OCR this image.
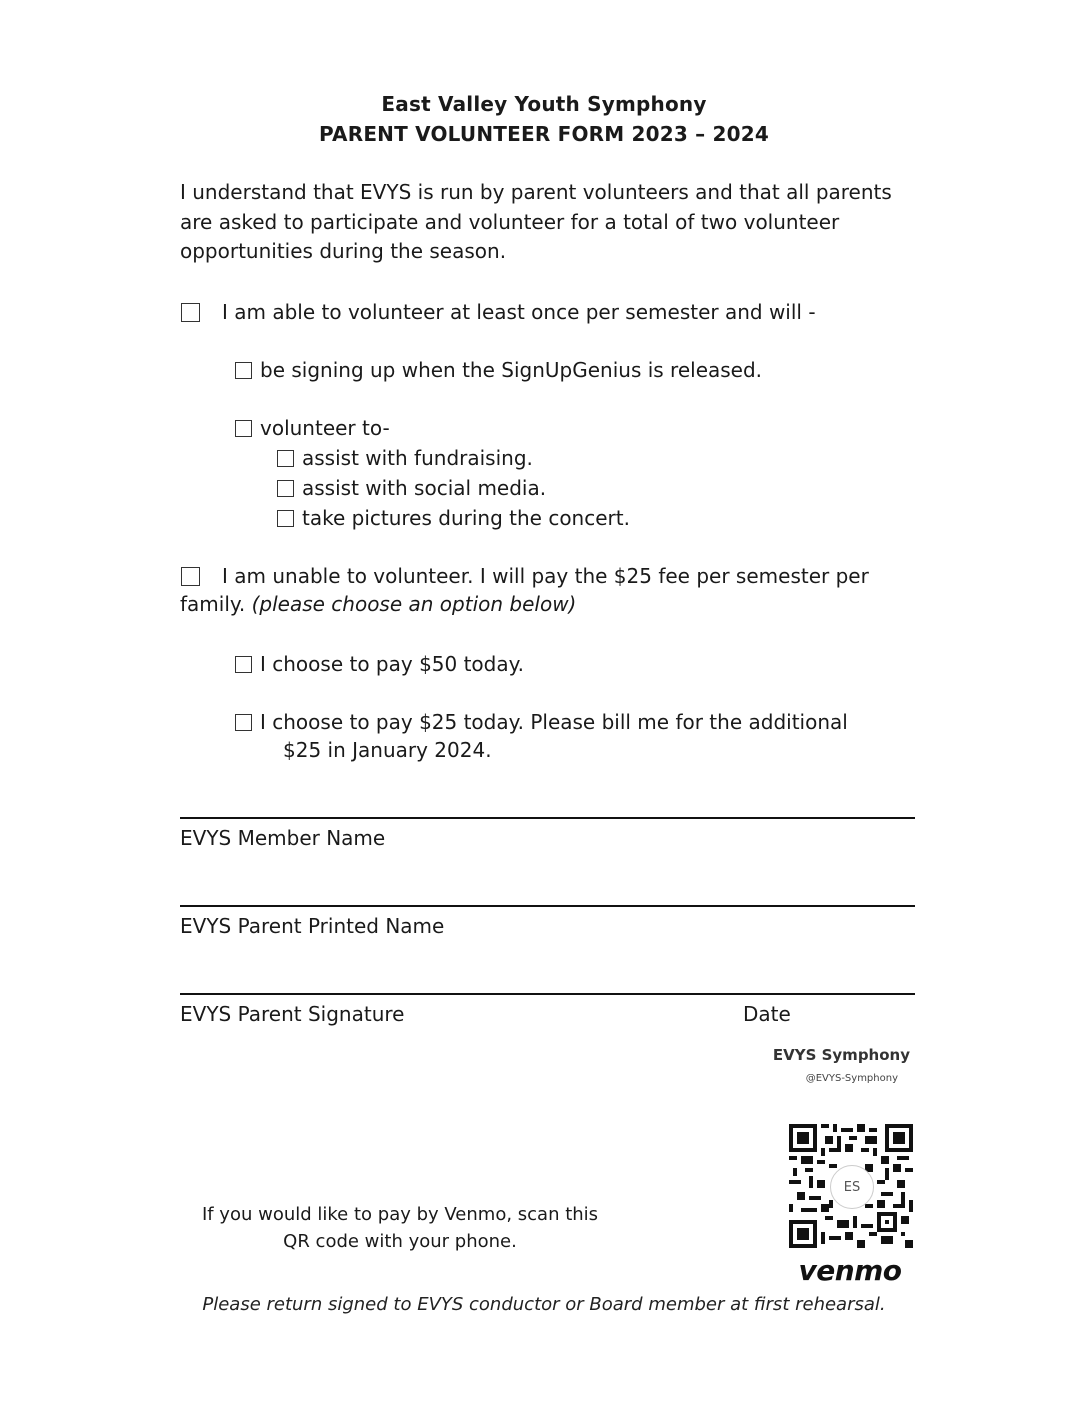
East Valley Youth Symphony
PARENT VOLUNTEER FORM 2023 – 2024
I understand that EVYS is run by parent volunteers and that all parents are asked to participate and volunteer for a total of two volunteer opportunities during the season.
I am able to volunteer at least once per semester and will -
be signing up when the SignUpGenius is released.
volunteer to-
assist with fundraising.
assist with social media.
take pictures during the concert.
I am unable to volunteer. I will pay the $25 fee per semester per
family. (please choose an option below)
I choose to pay $50 today.
I choose to pay $25 today. Please bill me for the additional
$25 in January 2024.
EVYS Member Name
EVYS Parent Printed Name
EVYS Parent Signature	Date
EVYS Symphony
@EVYS-Symphony
ES
venmo
If you would like to pay by Venmo, scan this
QR code with your phone.
Please return signed to EVYS conductor or Board member at first rehearsal.
